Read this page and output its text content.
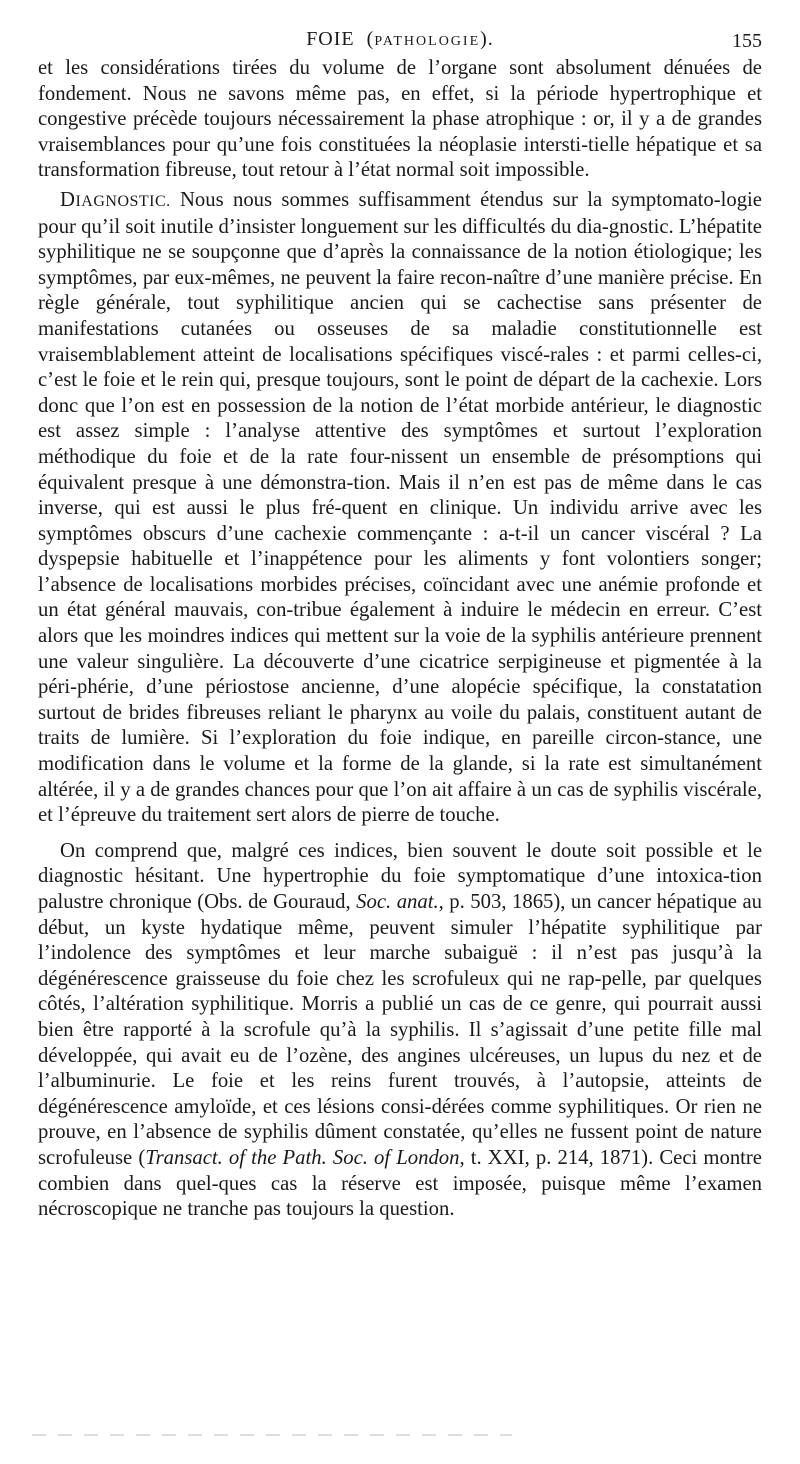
FOIE  (PATHOLOGIE).	155

et les considérations tirées du volume de l’organe sont absolument dénuées de fondement. Nous ne savons même pas, en effet, si la période hypertrophique et congestive précède toujours nécessairement la phase atrophique : or, il y a de grandes vraisemblances pour qu’une fois constituées la néoplasie intersti-tielle hépatique et sa transformation fibreuse, tout retour à l’état normal soit impossible.

DIAGNOSTIC. Nous nous sommes suffisamment étendus sur la symptomato-logie pour qu’il soit inutile d’insister longuement sur les difficultés du dia-gnostic. L’hépatite syphilitique ne se soupçonne que d’après la connaissance de la notion étiologique; les symptômes, par eux-mêmes, ne peuvent la faire recon-naître d’une manière précise. En règle générale, tout syphilitique ancien qui se cachectise sans présenter de manifestations cutanées ou osseuses de sa maladie constitutionnelle est vraisemblablement atteint de localisations spécifiques viscé-rales : et parmi celles-ci, c’est le foie et le rein qui, presque toujours, sont le point de départ de la cachexie. Lors donc que l’on est en possession de la notion de l’état morbide antérieur, le diagnostic est assez simple : l’analyse attentive des symptômes et surtout l’exploration méthodique du foie et de la rate four-nissent un ensemble de présomptions qui équivalent presque à une démonstra-tion. Mais il n’en est pas de même dans le cas inverse, qui est aussi le plus fré-quent en clinique. Un individu arrive avec les symptômes obscurs d’une cachexie commençante : a-t-il un cancer viscéral ? La dyspepsie habituelle et l’inappétence pour les aliments y font volontiers songer; l’absence de localisations morbides précises, coïncidant avec une anémie profonde et un état général mauvais, con-tribue également à induire le médecin en erreur. C’est alors que les moindres indices qui mettent sur la voie de la syphilis antérieure prennent une valeur singulière. La découverte d’une cicatrice serpigineuse et pigmentée à la péri-phérie, d’une périostose ancienne, d’une alopécie spécifique, la constatation surtout de brides fibreuses reliant le pharynx au voile du palais, constituent autant de traits de lumière. Si l’exploration du foie indique, en pareille circon-stance, une modification dans le volume et la forme de la glande, si la rate est simultanément altérée, il y a de grandes chances pour que l’on ait affaire à un cas de syphilis viscérale, et l’épreuve du traitement sert alors de pierre de touche.

On comprend que, malgré ces indices, bien souvent le doute soit possible et le diagnostic hésitant. Une hypertrophie du foie symptomatique d’une intoxica-tion palustre chronique (Obs. de Gouraud, Soc. anat., p. 503, 1865), un cancer hépatique au début, un kyste hydatique même, peuvent simuler l’hépatite syphilitique par l’indolence des symptômes et leur marche subaiguë : il n’est pas jusqu’à la dégénérescence graisseuse du foie chez les scrofuleux qui ne rap-pelle, par quelques côtés, l’altération syphilitique. Morris a publié un cas de ce genre, qui pourrait aussi bien être rapporté à la scrofule qu’à la syphilis. Il s’agissait d’une petite fille mal développée, qui avait eu de l’ozène, des angines ulcéreuses, un lupus du nez et de l’albuminurie. Le foie et les reins furent trouvés, à l’autopsie, atteints de dégénérescence amyloïde, et ces lésions consi-dérées comme syphilitiques. Or rien ne prouve, en l’absence de syphilis dûment constatée, qu’elles ne fussent point de nature scrofuleuse (Transact. of the Path. Soc. of London, t. XXI, p. 214, 1871). Ceci montre combien dans quel-ques cas la réserve est imposée, puisque même l’examen nécroscopique ne tranche pas toujours la question.
